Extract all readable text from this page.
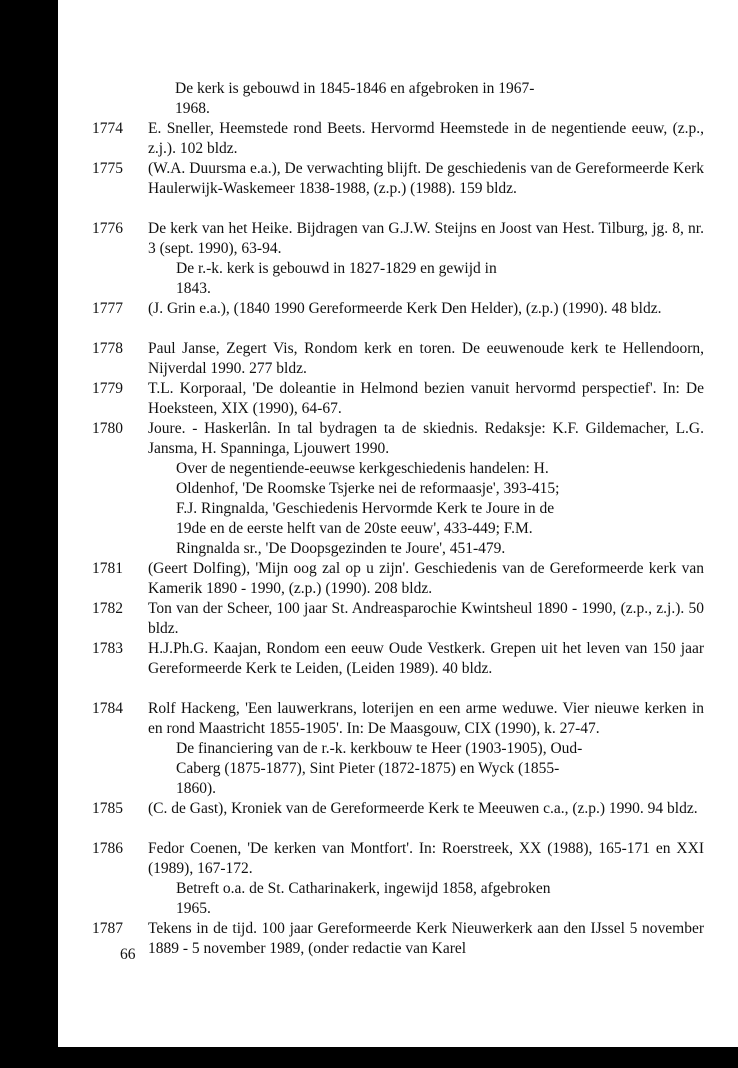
De kerk is gebouwd in 1845-1846 en afgebroken in 1967-
1968.
1774	E. Sneller, Heemstede rond Beets. Hervormd Heemstede in de negentiende eeuw, (z.p., z.j.). 102 bldz.
1775	(W.A. Duursma e.a.), De verwachting blijft. De geschiedenis van de Gereformeerde Kerk Haulerwijk-Waskemeer 1838-1988, (z.p.) (1988). 159 bldz.
1776	De kerk van het Heike. Bijdragen van G.J.W. Steijns en Joost van Hest. Tilburg, jg. 8, nr. 3 (sept. 1990), 63-94.
De r.-k. kerk is gebouwd in 1827-1829 en gewijd in 1843.
1777	(J. Grin e.a.), (1840 1990 Gereformeerde Kerk Den Helder), (z.p.) (1990). 48 bldz.
1778	Paul Janse, Zegert Vis, Rondom kerk en toren. De eeuwenoude kerk te Hellendoorn, Nijverdal 1990. 277 bldz.
1779	T.L. Korporaal, 'De doleantie in Helmond bezien vanuit hervormd perspectief'. In: De Hoeksteen, XIX (1990), 64-67.
1780	Joure. - Haskerlân. In tal bydragen ta de skiednis. Redaksje: K.F. Gildemacher, L.G. Jansma, H. Spanninga, Ljouwert 1990.
Over de negentiende-eeuwse kerkgeschiedenis handelen: H. Oldenhof, 'De Roomske Tsjerke nei de reformaasje', 393-415; F.J. Ringnalda, 'Geschiedenis Hervormde Kerk te Joure in de 19de en de eerste helft van de 20ste eeuw', 433-449; F.M. Ringnalda sr., 'De Doopsgezinden te Joure', 451-479.
1781	(Geert Dolfing), 'Mijn oog zal op u zijn'. Geschiedenis van de Gereformeerde kerk van Kamerik 1890 - 1990, (z.p.) (1990). 208 bldz.
1782	Ton van der Scheer, 100 jaar St. Andreasparochie Kwintsheul 1890 - 1990, (z.p., z.j.). 50 bldz.
1783	H.J.Ph.G. Kaajan, Rondom een eeuw Oude Vestkerk. Grepen uit het leven van 150 jaar Gereformeerde Kerk te Leiden, (Leiden 1989). 40 bldz.
1784	Rolf Hackeng, 'Een lauwerkrans, loterijen en een arme weduwe. Vier nieuwe kerken in en rond Maastricht 1855-1905'. In: De Maasgouw, CIX (1990), k. 27-47.
De financiering van de r.-k. kerkbouw te Heer (1903-1905), Oud-Caberg (1875-1877), Sint Pieter (1872-1875) en Wyck (1855-1860).
1785	(C. de Gast), Kroniek van de Gereformeerde Kerk te Meeuwen c.a., (z.p.) 1990. 94 bldz.
1786	Fedor Coenen, 'De kerken van Montfort'. In: Roerstreek, XX (1988), 165-171 en XXI (1989), 167-172.
Betreft o.a. de St. Catharinakerk, ingewijd 1858, afgebroken 1965.
1787	Tekens in de tijd. 100 jaar Gereformeerde Kerk Nieuwerkerk aan den IJssel 5 november 1889 - 5 november 1989, (onder redactie van Karel
66
